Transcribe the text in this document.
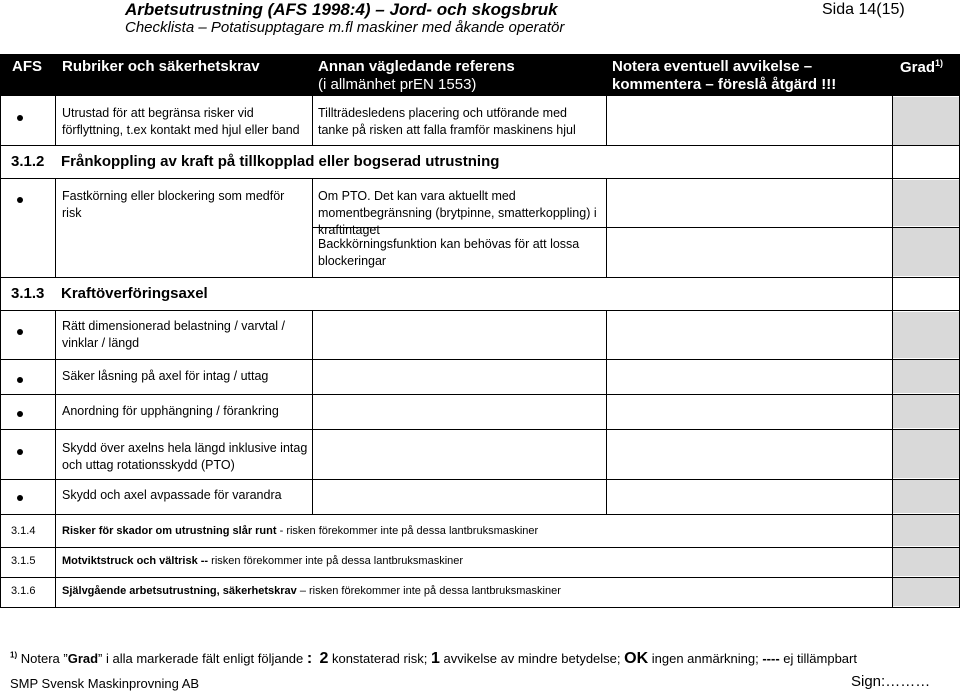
Arbetsutrustning (AFS 1998:4) – Jord- och skogsbruk
Checklista – Potatisupptagare m.fl maskiner med åkande operatör
Sida 14(15)
AFS Rubriker och säkerhetskrav	Annan vägledande referens
(i allmänhet prEN 1553)
Notera eventuell avvikelse –
kommentera – föreslå åtgärd !!!
Grad$^{1)}$
Utrustad för att begränsa risker vid förflyttning, t.ex kontakt med hjul eller band
Tillträdesledens placering och utförande med tanke på risken att falla framför maskinens hjul
3.1.2 Frånkoppling av kraft på tillkopplad eller bogserad utrustning
Fastkörning eller blockering som medför risk
Om PTO. Det kan vara aktuellt med momentbegränsning (brytpinne, smatterkoppling) i kraftintaget
Backkörningsfunktion kan behövas för att lossa blockeringar
3.1.3 Kraftöverföringsaxel
Rätt dimensionerad belastning / varvtal / vinklar / längd
Säker låsning på axel för intag / uttag
Anordning för upphängning / förankring
Skydd över axelns hela längd inklusive intag och uttag rotationsskydd (PTO)
Skydd och axel avpassade för varandra
3.1.4 Risker för skador om utrustning slår runt - risken förekommer inte på dessa lantbruksmaskiner
3.1.5 Motviktstruck och vältrisk -- risken förekommer inte på dessa lantbruksmaskiner
3.1.6 Självgående arbetsutrustning, säkerhetskrav – risken förekommer inte på dessa lantbruksmaskiner
$^{1)}$ Notera ”Grad” i alla markerade fält enligt följande : 2 konstaterad risk; 1 avvikelse av mindre betydelse; OK ingen anmärkning; ---- ej tillämpbart
SMP Svensk Maskinprovning AB	Sign:………
